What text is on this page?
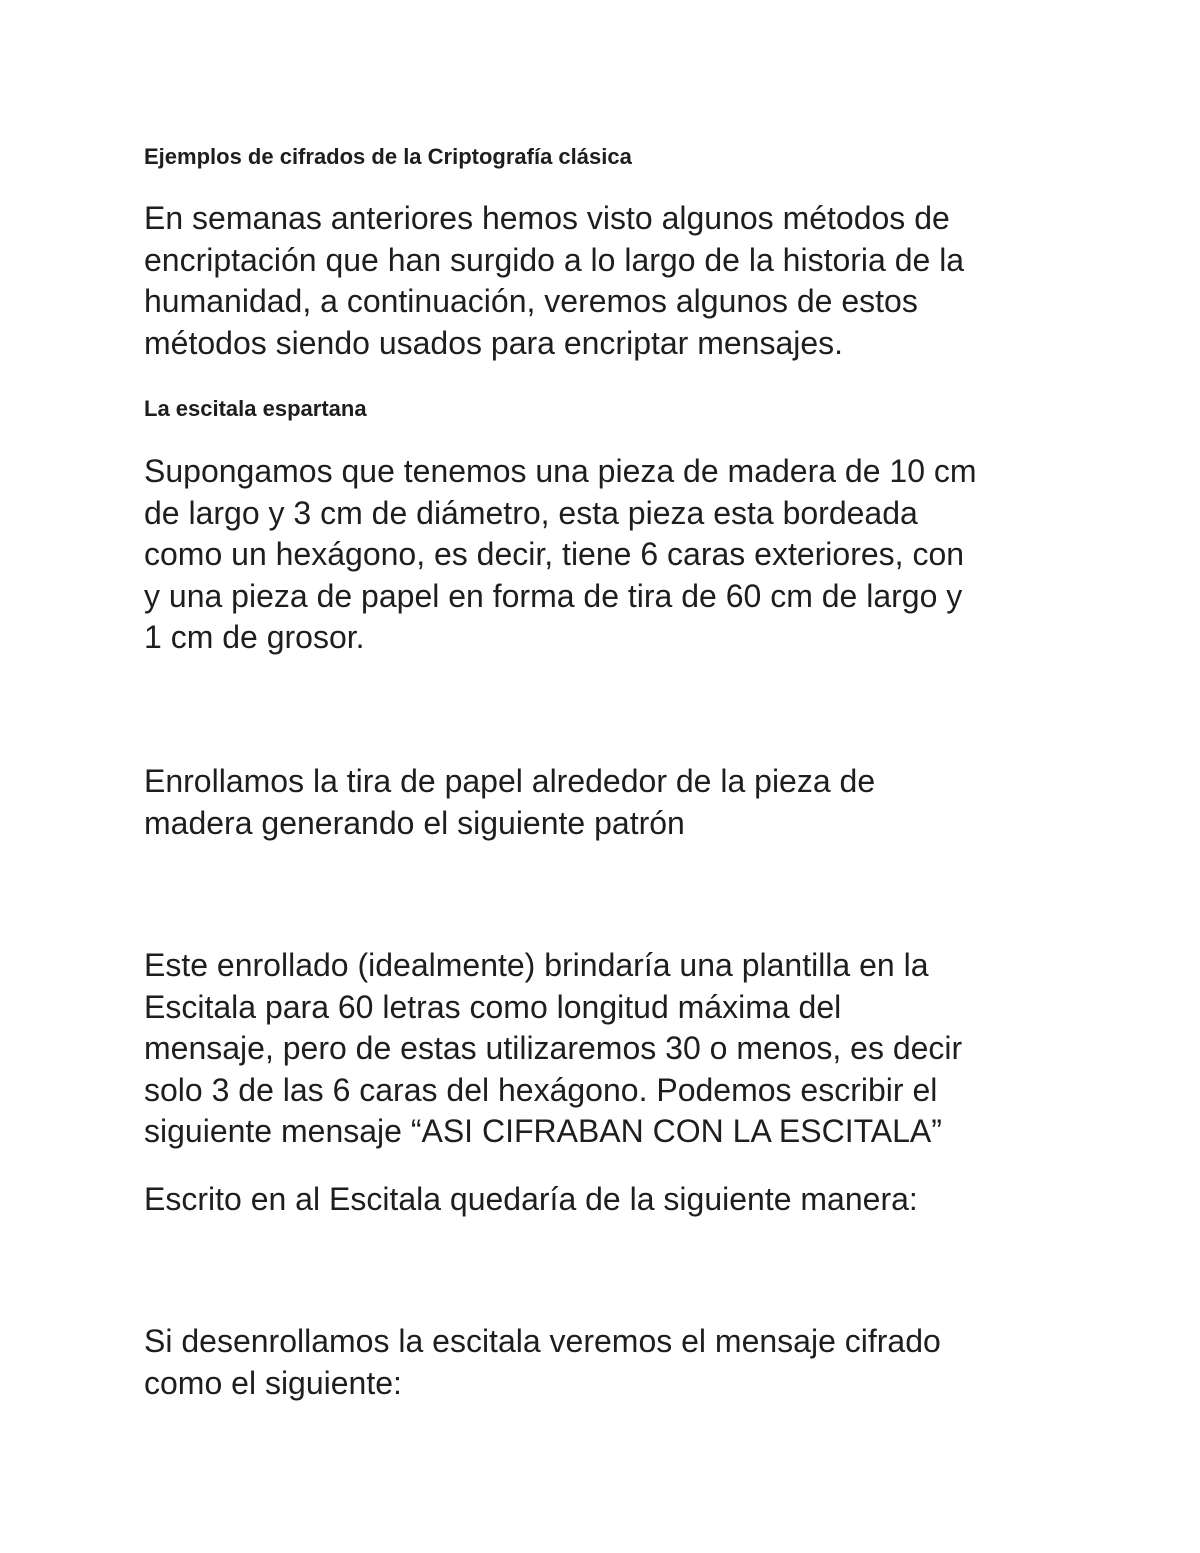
Ejemplos de cifrados de la Criptografía clásica

En semanas anteriores hemos visto algunos métodos de
encriptación que han surgido a lo largo de la historia de la
humanidad, a continuación, veremos algunos de estos
métodos siendo usados para encriptar mensajes.

La escitala espartana

Supongamos que tenemos una pieza de madera de 10 cm
de largo y 3 cm de diámetro, esta pieza esta bordeada
como un hexágono, es decir, tiene 6 caras exteriores, con
y una pieza de papel en forma de tira de 60 cm de largo y
1 cm de grosor.

Enrollamos la tira de papel alrededor de la pieza de
madera generando el siguiente patrón

Este enrollado (idealmente) brindaría una plantilla en la
Escitala para 60 letras como longitud máxima del
mensaje, pero de estas utilizaremos 30 o menos, es decir
solo 3 de las 6 caras del hexágono. Podemos escribir el
siguiente mensaje “ASI CIFRABAN CON LA ESCITALA”

Escrito en al Escitala quedaría de la siguiente manera:

Si desenrollamos la escitala veremos el mensaje cifrado
como el siguiente:
